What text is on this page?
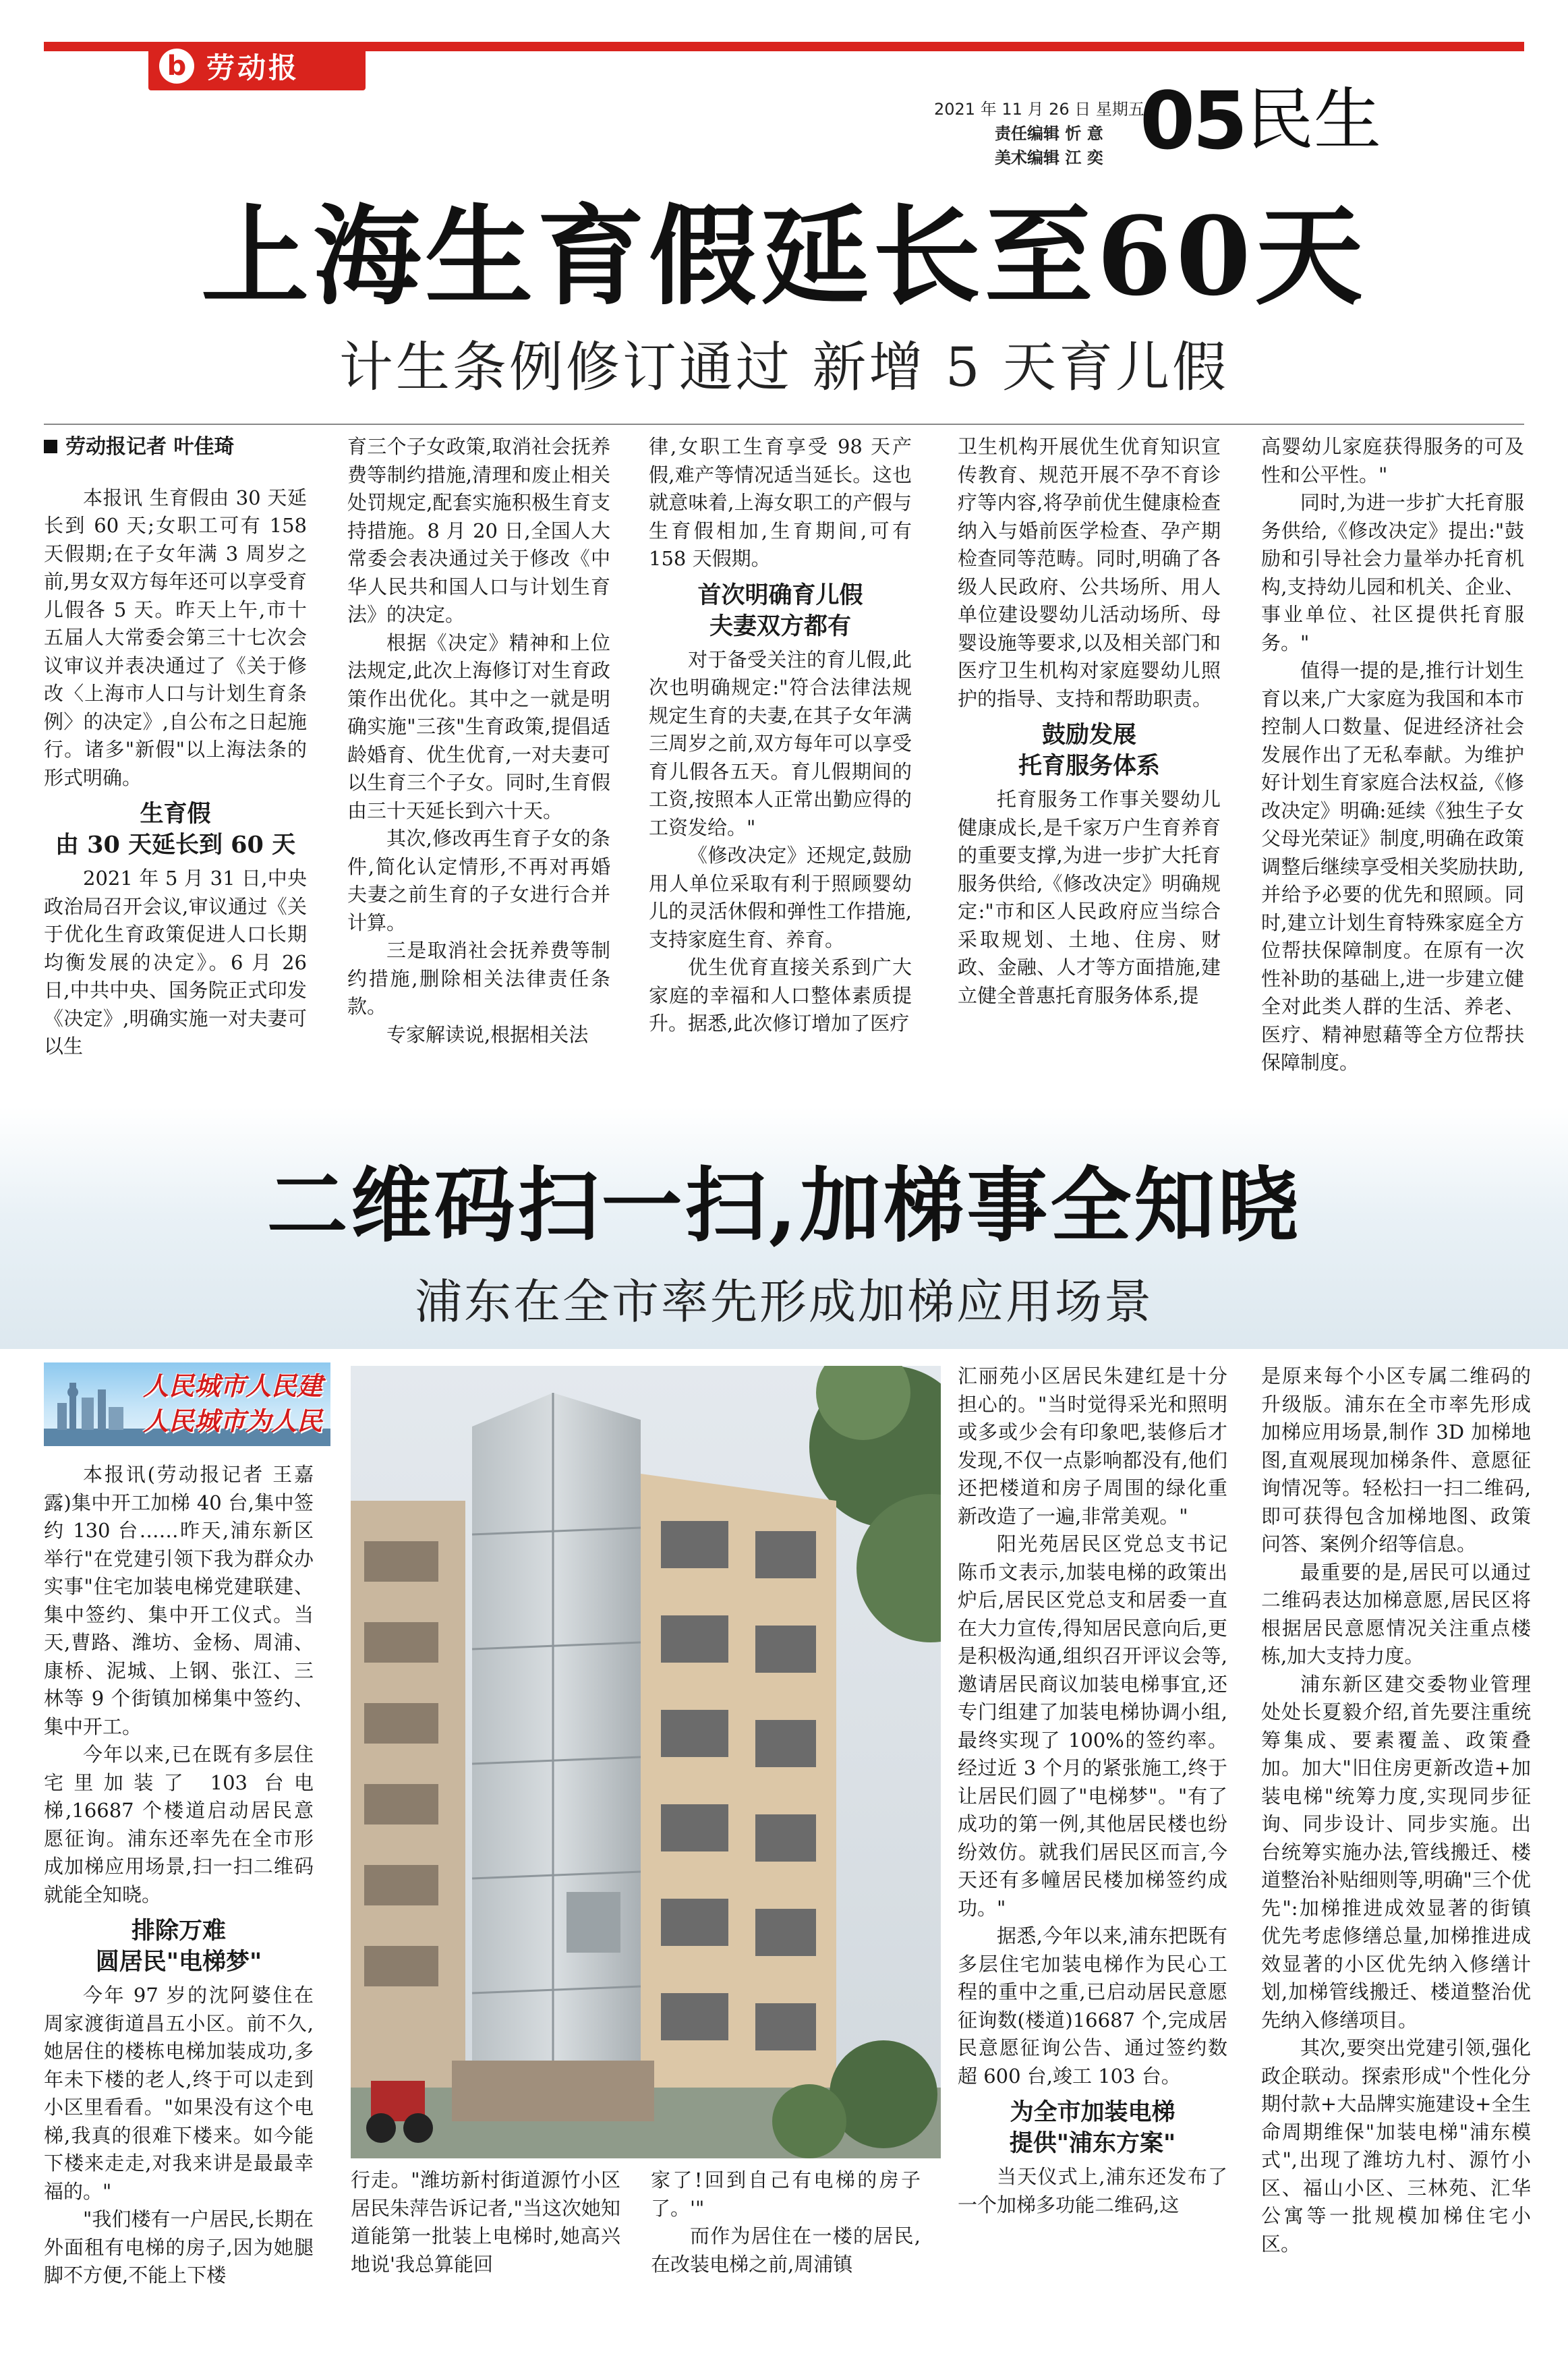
b 劳动报
2021 年 11 月 26 日 星期五
责任编辑 忻 意
美术编辑 江 奕 05 民生
上海生育假延长至60天
计生条例修订通过 新增 5 天育儿假
劳动报记者 叶佳琦

本报讯 生育假由 30 天延长到 60 天;女职工可有 158 天假期;在子女年满 3 周岁之前,男女双方每年还可以享受育儿假各 5 天。昨天上午,市十五届人大常委会第三十七次会议审议并表决通过了《关于修改〈上海市人口与计划生育条例〉的决定》,自公布之日起施行。诸多"新假"以上海法条的形式明确。

生育假
由 30 天延长到 60 天

2021 年 5 月 31 日,中央政治局召开会议,审议通过《关于优化生育政策促进人口长期均衡发展的决定》。6 月 26 日,中共中央、国务院正式印发《决定》,明确实施一对夫妻可以生

育三个子女政策,取消社会抚养费等制约措施,清理和废止相关处罚规定,配套实施积极生育支持措施。8 月 20 日,全国人大常委会表决通过关于修改《中华人民共和国人口与计划生育法》的决定。

根据《决定》精神和上位法规定,此次上海修订对生育政策作出优化。其中之一就是明确实施"三孩"生育政策,提倡适龄婚育、优生优育,一对夫妻可以生育三个子女。同时,生育假由三十天延长到六十天。

其次,修改再生育子女的条件,简化认定情形,不再对再婚夫妻之前生育的子女进行合并计算。

三是取消社会抚养费等制约措施,删除相关法律责任条款。

专家解读说,根据相关法

律,女职工生育享受 98 天产假,难产等情况适当延长。这也就意味着,上海女职工的产假与生育假相加,生育期间,可有 158 天假期。

首次明确育儿假
夫妻双方都有

对于备受关注的育儿假,此次也明确规定:"符合法律法规规定生育的夫妻,在其子女年满三周岁之前,双方每年可以享受育儿假各五天。育儿假期间的工资,按照本人正常出勤应得的工资发给。"

《修改决定》还规定,鼓励用人单位采取有利于照顾婴幼儿的灵活休假和弹性工作措施,支持家庭生育、养育。

优生优育直接关系到广大家庭的幸福和人口整体素质提升。据悉,此次修订增加了医疗

卫生机构开展优生优育知识宣传教育、规范开展不孕不育诊疗等内容,将孕前优生健康检查纳入与婚前医学检查、孕产期检查同等范畴。同时,明确了各级人民政府、公共场所、用人单位建设婴幼儿活动场所、母婴设施等要求,以及相关部门和医疗卫生机构对家庭婴幼儿照护的指导、支持和帮助职责。

鼓励发展
托育服务体系

托育服务工作事关婴幼儿健康成长,是千家万户生育养育的重要支撑,为进一步扩大托育服务供给,《修改决定》明确规定:"市和区人民政府应当综合采取规划、土地、住房、财政、金融、人才等方面措施,建立健全普惠托育服务体系,提

高婴幼儿家庭获得服务的可及性和公平性。"

同时,为进一步扩大托育服务供给,《修改决定》提出:"鼓励和引导社会力量举办托育机构,支持幼儿园和机关、企业、事业单位、社区提供托育服务。"

值得一提的是,推行计划生育以来,广大家庭为我国和本市控制人口数量、促进经济社会发展作出了无私奉献。为维护好计划生育家庭合法权益,《修改决定》明确:延续《独生子女父母光荣证》制度,明确在政策调整后继续享受相关奖励扶助,并给予必要的优先和照顾。同时,建立计划生育特殊家庭全方位帮扶保障制度。在原有一次性补助的基础上,进一步建立健全对此类人群的生活、养老、医疗、精神慰藉等全方位帮扶保障制度。

二维码扫一扫,加梯事全知晓
浦东在全市率先形成加梯应用场景
人民城市人民建
人民城市为人民

本报讯(劳动报记者 王嘉露)集中开工加梯 40 台,集中签约 130 台……昨天,浦东新区举行"在党建引领下我为群众办实事"住宅加装电梯党建联建、集中签约、集中开工仪式。当天,曹路、潍坊、金杨、周浦、康桥、泥城、上钢、张江、三林等 9 个街镇加梯集中签约、集中开工。

今年以来,已在既有多层住宅里加装了 103 台电梯,16687 个楼道启动居民意愿征询。浦东还率先在全市形成加梯应用场景,扫一扫二维码就能全知晓。

排除万难
圆居民"电梯梦"

今年 97 岁的沈阿婆住在周家渡街道昌五小区。前不久,她居住的楼栋电梯加装成功,多年未下楼的老人,终于可以走到小区里看看。"如果没有这个电梯,我真的很难下楼来。如今能下楼来走走,对我来讲是最最幸福的。"

"我们楼有一户居民,长期在外面租有电梯的房子,因为她腿脚不方便,不能上下楼

行走。"潍坊新村街道源竹小区居民朱萍告诉记者,"当这次她知道能第一批装上电梯时,她高兴地说'我总算能回

家了!回到自己有电梯的房子了。'"

而作为居住在一楼的居民,在改装电梯之前,周浦镇

汇丽苑小区居民朱建红是十分担心的。"当时觉得采光和照明或多或少会有印象吧,装修后才发现,不仅一点影响都没有,他们还把楼道和房子周围的绿化重新改造了一遍,非常美观。"

阳光苑居民区党总支书记陈币文表示,加装电梯的政策出炉后,居民区党总支和居委一直在大力宣传,得知居民意向后,更是积极沟通,组织召开评议会等,邀请居民商议加装电梯事宜,还专门组建了加装电梯协调小组,最终实现了 100%的签约率。经过近 3 个月的紧张施工,终于让居民们圆了"电梯梦"。"有了成功的第一例,其他居民楼也纷纷效仿。就我们居民区而言,今天还有多幢居民楼加梯签约成功。"

据悉,今年以来,浦东把既有多层住宅加装电梯作为民心工程的重中之重,已启动居民意愿征询数(楼道)16687 个,完成居民意愿征询公告、通过签约数超 600 台,竣工 103 台。

为全市加装电梯
提供"浦东方案"

当天仪式上,浦东还发布了一个加梯多功能二维码,这

是原来每个小区专属二维码的升级版。浦东在全市率先形成加梯应用场景,制作 3D 加梯地图,直观展现加梯条件、意愿征询情况等。轻松扫一扫二维码,即可获得包含加梯地图、政策问答、案例介绍等信息。

最重要的是,居民可以通过二维码表达加梯意愿,居民区将根据居民意愿情况关注重点楼栋,加大支持力度。

浦东新区建交委物业管理处处长夏毅介绍,首先要注重统筹集成、要素覆盖、政策叠加。加大"旧住房更新改造+加装电梯"统筹力度,实现同步征询、同步设计、同步实施。出台统筹实施办法,管线搬迁、楼道整治补贴细则等,明确"三个优先":加梯推进成效显著的街镇优先考虑修缮总量,加梯推进成效显著的小区优先纳入修缮计划,加梯管线搬迁、楼道整治优先纳入修缮项目。

其次,要突出党建引领,强化政企联动。探索形成"个性化分期付款+大品牌实施建设+全生命周期维保"加装电梯"浦东模式",出现了潍坊九村、源竹小区、福山小区、三林苑、汇华公寓等一批规模加梯住宅小区。
